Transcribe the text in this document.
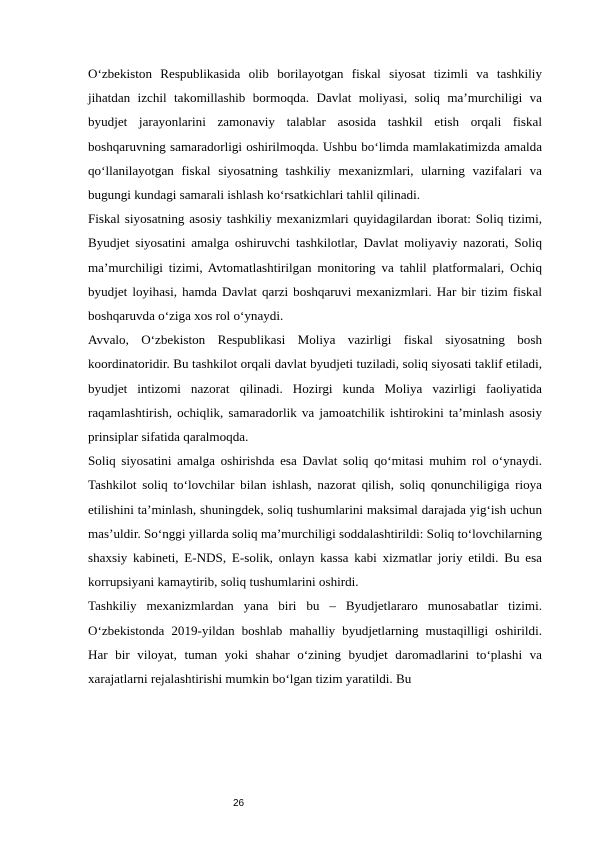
O‘zbekiston Respublikasida olib borilayotgan fiskal siyosat tizimli va tashkiliy jihatdan izchil takomillashib bormoqda. Davlat moliyasi, soliq ma’murchiligi va byudjet jarayonlarini zamonaviy talablar asosida tashkil etish orqali fiskal boshqaruvning samaradorligi oshirilmoqda. Ushbu bo‘limda mamlakatimizda amalda qo‘llanilayotgan fiskal siyosatning tashkiliy mexanizmlari, ularning vazifalari va bugungi kundagi samarali ishlash ko‘rsatkichlari tahlil qilinadi.

Fiskal siyosatning asosiy tashkiliy mexanizmlari quyidagilardan iborat: Soliq tizimi, Byudjet siyosatini amalga oshiruvchi tashkilotlar, Davlat moliyaviy nazorati, Soliq ma’murchiligi tizimi, Avtomatlashtirilgan monitoring va tahlil platformalari, Ochiq byudjet loyihasi, hamda Davlat qarzi boshqaruvi mexanizmlari. Har bir tizim fiskal boshqaruvda o‘ziga xos rol o‘ynaydi.

Avvalo, O‘zbekiston Respublikasi Moliya vazirligi fiskal siyosatning bosh koordinatoridir. Bu tashkilot orqali davlat byudjeti tuziladi, soliq siyosati taklif etiladi, byudjet intizomi nazorat qilinadi. Hozirgi kunda Moliya vazirligi faoliyatida raqamlashtirish, ochiqlik, samaradorlik va jamoatchilik ishtirokini ta’minlash asosiy prinsiplar sifatida qaralmoqda.

Soliq siyosatini amalga oshirishda esa Davlat soliq qo‘mitasi muhim rol o‘ynaydi. Tashkilot soliq to‘lovchilar bilan ishlash, nazorat qilish, soliq qonunchiligiga rioya etilishini ta’minlash, shuningdek, soliq tushumlarini maksimal darajada yig‘ish uchun mas’uldir. So‘nggi yillarda soliq ma’murchiligi soddalashtirildi: Soliq to‘lovchilarning shaxsiy kabineti, E-NDS, E-solik, onlayn kassa kabi xizmatlar joriy etildi. Bu esa korrupsiyani kamaytirib, soliq tushumlarini oshirdi.

Tashkiliy mexanizmlardan yana biri bu – Byudjetlararo munosabatlar tizimi. O‘zbekistonda 2019-yildan boshlab mahalliy byudjetlarning mustaqilligi oshirildi. Har bir viloyat, tuman yoki shahar o‘zining byudjet daromadlarini to‘plashi va xarajatlarni rejalashtirishi mumkin bo‘lgan tizim yaratildi. Bu

26
